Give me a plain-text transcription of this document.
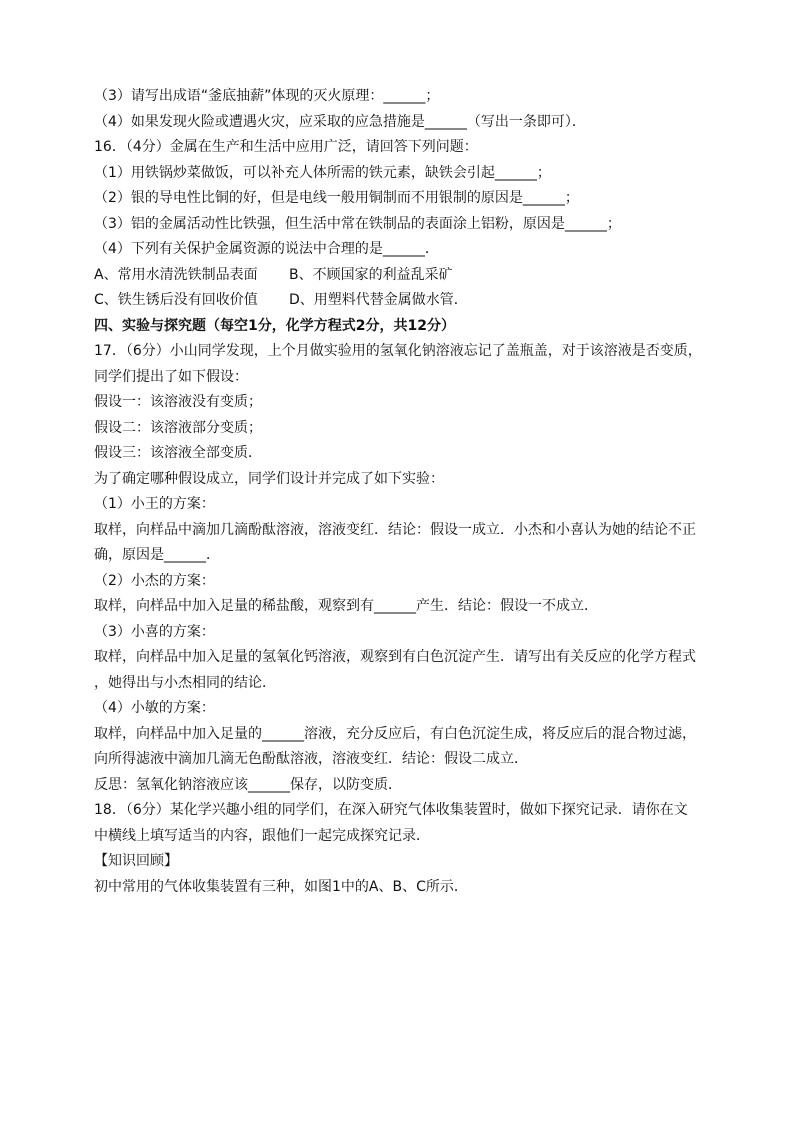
（3）请写出成语“釜底抽薪”体现的灭火原理：______；
（4）如果发现火险或遭遇火灾，应采取的应急措施是______（写出一条即可）．
16．（4分）金属在生产和生活中应用广泛，请回答下列问题：
（1）用铁锅炒菜做饭，可以补充人体所需的铁元素，缺铁会引起______；
（2）银的导电性比铜的好，但是电线一般用铜制而不用银制的原因是______；
（3）铝的金属活动性比铁强，但生活中常在铁制品的表面涂上铝粉，原因是______；
（4）下列有关保护金属资源的说法中合理的是______．
A、常用水清洗铁制品表面	B、不顾国家的利益乱采矿
C、铁生锈后没有回收价值	D、用塑料代替金属做水管．
四、实验与探究题（每空1分，化学方程式2分，共12分）
17．（6分）小山同学发现，上个月做实验用的氢氧化钠溶液忘记了盖瓶盖，对于该溶液是否变质，
同学们提出了如下假设：
假设一：该溶液没有变质；
假设二：该溶液部分变质；
假设三：该溶液全部变质．
为了确定哪种假设成立，同学们设计并完成了如下实验：
（1）小王的方案：
取样，向样品中滴加几滴酚酞溶液，溶液变红．结论：假设一成立．小杰和小喜认为她的结论不正
确，原因是______．
（2）小杰的方案：
取样，向样品中加入足量的稀盐酸，观察到有______产生．结论：假设一不成立．
（3）小喜的方案：
取样，向样品中加入足量的氢氧化钙溶液，观察到有白色沉淀产生．请写出有关反应的化学方程式
，她得出与小杰相同的结论．
（4）小敏的方案：
取样，向样品中加入足量的______溶液，充分反应后，有白色沉淀生成，将反应后的混合物过滤，
向所得滤液中滴加几滴无色酚酞溶液，溶液变红．结论：假设二成立．
反思：氢氧化钠溶液应该______保存，以防变质．
18．（6分）某化学兴趣小组的同学们，在深入研究气体收集装置时，做如下探究记录．请你在文
中横线上填写适当的内容，跟他们一起完成探究记录．
【知识回顾】
初中常用的气体收集装置有三种，如图1中的A、B、C所示．
